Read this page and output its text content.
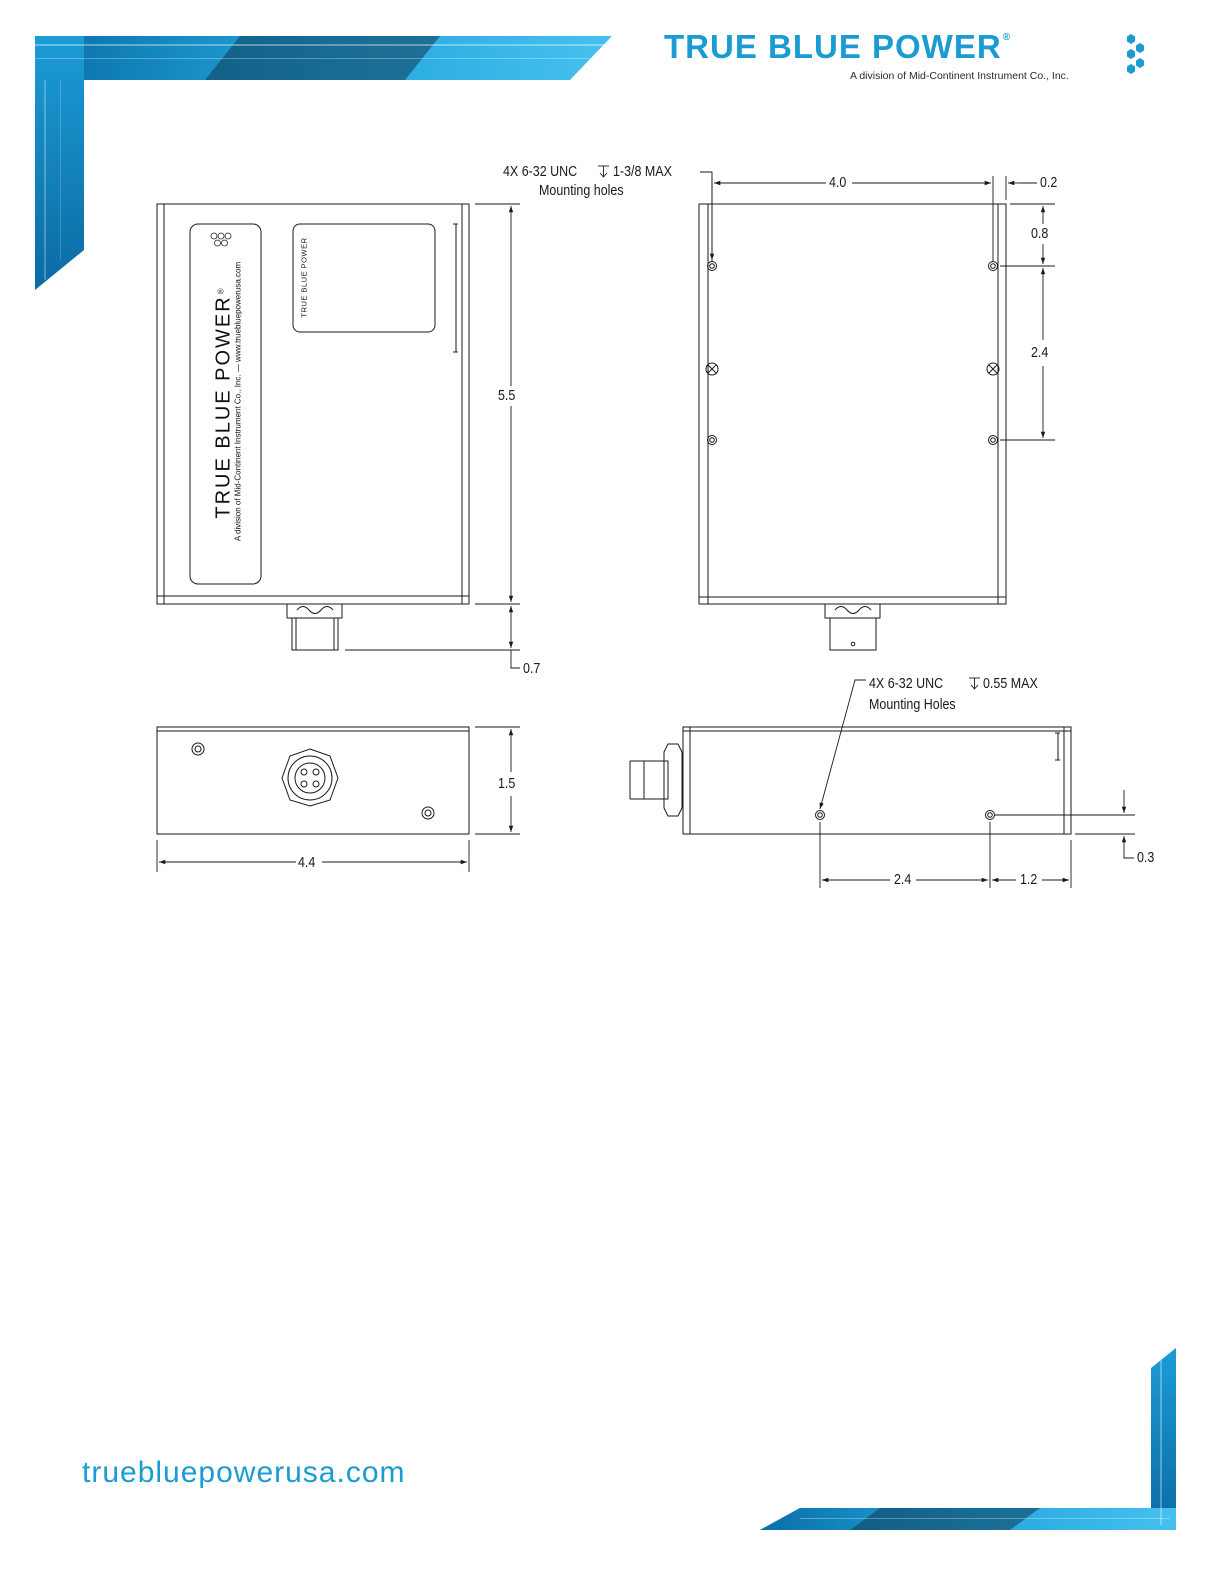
TRUE BLUE POWER®
A division of Mid-Continent Instrument Co., Inc.
TRUE BLUE POWER®	A division of Mid-Continent Instrument Co., Inc. — www.truebluepowerusa.com	TRUE BLUE POWER
4X 6-32 UNC 1-3/8 MAX
Mounting holes
5.5
0.7
4.0	0.2
0.8
2.4
1.5
4.4
4X 6-32 UNC	0.55 MAX
Mounting Holes
2.4	1.2
0.3
truebluepowerusa.com
